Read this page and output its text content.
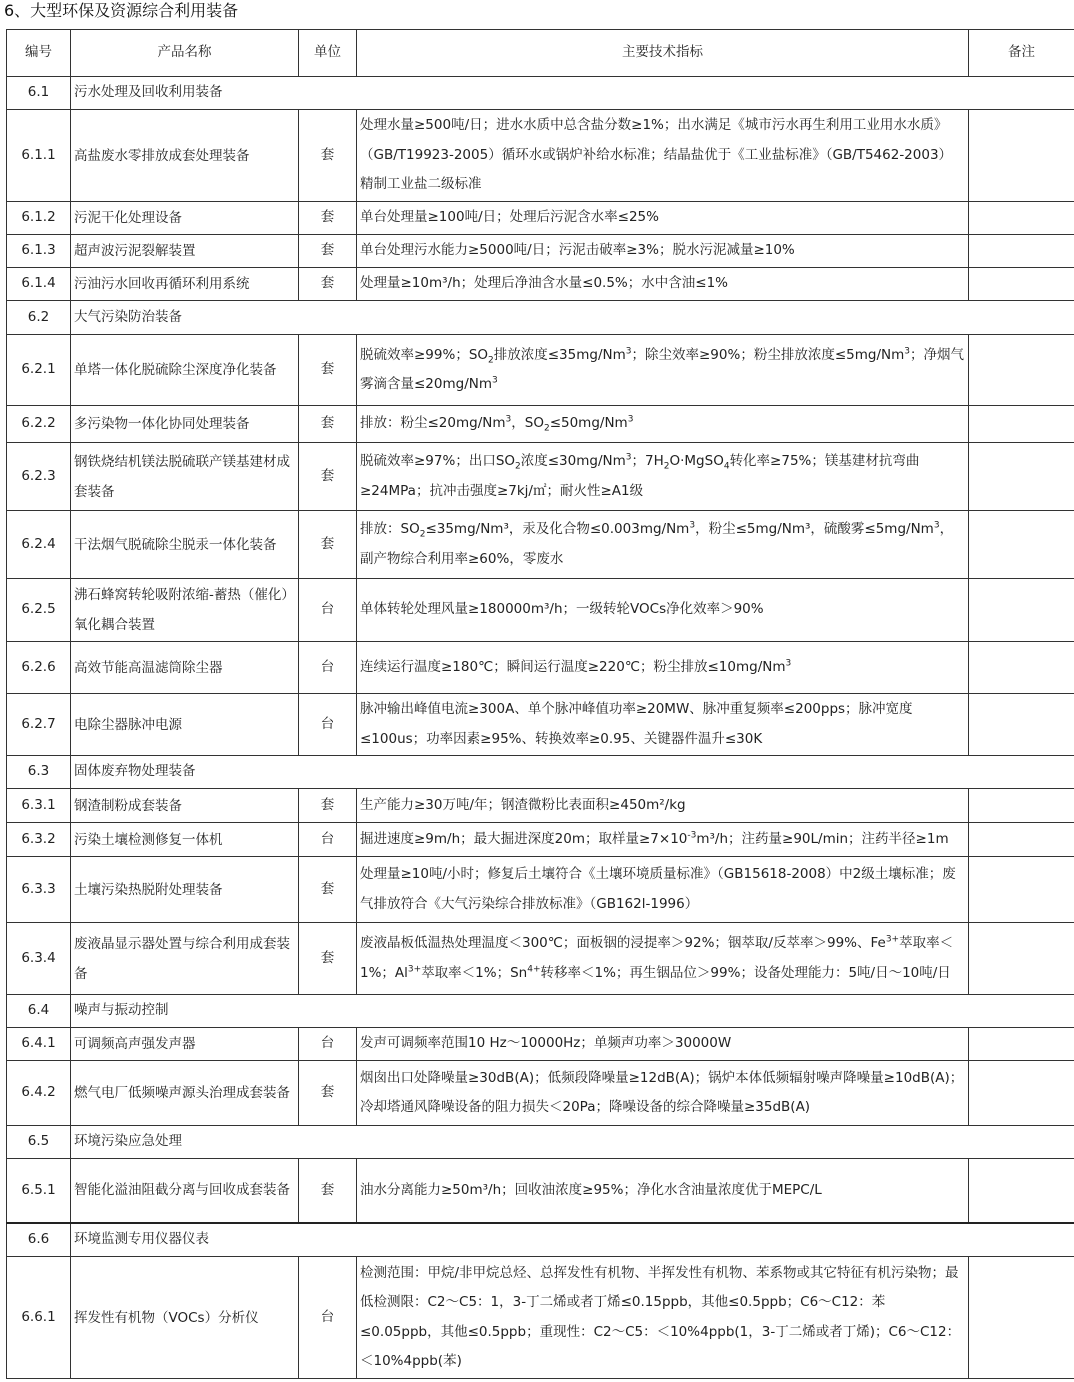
6、大型环保及资源综合利用装备
编号	产品名称	单位	主要技术指标	备注
6.1	污水处理及回收利用装备			
6.1.1	高盐废水零排放成套处理装备	套	处理水量≥500吨/日；进水水质中总含盐分数≥1%；出水满足《城市污水再生利用工业用水水质》（GB/T19923-2005）循环水或锅炉补给水标准；结晶盐优于《工业盐标准》（GB/T5462-2003）精制工业盐二级标准	
6.1.2	污泥干化处理设备	套	单台处理量≥100吨/日；处理后污泥含水率≤25%	
6.1.3	超声波污泥裂解装置	套	单台处理污水能力≥5000吨/日；污泥击破率≥3%；脱水污泥减量≥10%	
6.1.4	污油污水回收再循环利用系统	套	处理量≥10m³/h；处理后净油含水量≤0.5%；水中含油≤1%	
6.2	大气污染防治装备			
6.2.1	单塔一体化脱硫除尘深度净化装备	套	脱硫效率≥99%；$SO_2$排放浓度$\le 35mg/Nm^3$；除尘效率≥90%；粉尘排放浓度$\le 5mg/Nm^3$；净烟气雾滴含量$\le 20mg/Nm^3$	
6.2.2	多污染物一体化协同处理装备	套	排放：粉尘$\le 20mg/Nm^3$，$SO_2\le 50mg/Nm^3$	
6.2.3	钢铁烧结机镁法脱硫联产镁基建材成套装备	套	脱硫效率≥97%；出口$SO_2$浓度$\le 30mg/Nm^3$；$7H_2O\cdot MgSO_4$转化率≥75%；镁基建材抗弯曲≥24MPa；抗冲击强度≥7kj/㎡；耐火性≥A1级	
6.2.4	干法烟气脱硫除尘脱汞一体化装备	套	排放：$SO_2\le 35mg$/Nm³，汞及化合物$\le 0.003mg/Nm^3$，粉尘≤5mg/Nm³，硫酸雾$\le 5mg/Nm^3$，副产物综合利用率≥60%，零废水	
6.2.5	沸石蜂窝转轮吸附浓缩-蓄热（催化）氧化耦合装置	台	单体转轮处理风量≥180000m³/h；一级转轮VOCs净化效率＞90%	
6.2.6	高效节能高温滤筒除尘器	台	连续运行温度≥180℃；瞬间运行温度≥220℃；粉尘排放$\le 10mg/Nm^3$	
6.2.7	电除尘器脉冲电源	台	脉冲输出峰值电流≥300A、单个脉冲峰值功率≥20MW、脉冲重复频率≤200pps；脉冲宽度≤100us；功率因素≥95%、转换效率≥0.95、关键器件温升≤30K	
6.3	固体废弃物处理装备			
6.3.1	钢渣制粉成套装备	套	生产能力≥30万吨/年；钢渣微粉比表面积≥450m²/kg	
6.3.2	污染土壤检测修复一体机	台	掘进速度≥9m/h；最大掘进深度20m；取样量$\ge 7\times 10^{-3}m^3/h$；注药量≥90L/min；注药半径≥1m	
6.3.3	土壤污染热脱附处理装备	套	处理量≥10吨/小时；修复后土壤符合《土壤环境质量标准》（GB15618-2008）中2级土壤标准；废气排放符合《大气污染综合排放标准》（GB162l-1996）	
6.3.4	废液晶显示器处置与综合利用成套装备	套	废液晶板低温热处理温度＜300℃；面板铟的浸提率＞92%；铟萃取/反萃率＞99%、$Fe^{3+}$萃取率＜1%；$Al^{3+}$萃取率＜1%；$Sn^{4+}$转移率＜1%；再生铟品位＞99%；设备处理能力：5吨/日～10吨/日	
6.4	噪声与振动控制			
6.4.1	可调频高声强发声器	台	发声可调频率范围10 Hz～10000Hz；单频声功率＞30000W	
6.4.2	燃气电厂低频噪声源头治理成套装备	套	烟囱出口处降噪量≥30dB(A)；低频段降噪量≥12dB(A)；锅炉本体低频辐射噪声降噪量≥10dB(A)；冷却塔通风降噪设备的阻力损失＜20Pa；降噪设备的综合降噪量≥35dB(A)	
6.5	环境污染应急处理			
6.5.1	智能化溢油阻截分离与回收成套装备	套	油水分离能力≥50m³/h；回收油浓度≥95%；净化水含油量浓度优于MEPC/L	
6.6	环境监测专用仪器仪表			
6.6.1	挥发性有机物（VOCs）分析仪	台	检测范围：甲烷/非甲烷总烃、总挥发性有机物、半挥发性有机物、苯系物或其它特征有机污染物；最低检测限：C2～C5：1，3-丁二烯或者丁烯≤0.15ppb，其他≤0.5ppb；C6～C12：苯≤0.05ppb，其他≤0.5ppb；重现性：C2～C5：＜10%4ppb(1，3-丁二烯或者丁烯)；C6～C12：＜10%4ppb(苯)	
